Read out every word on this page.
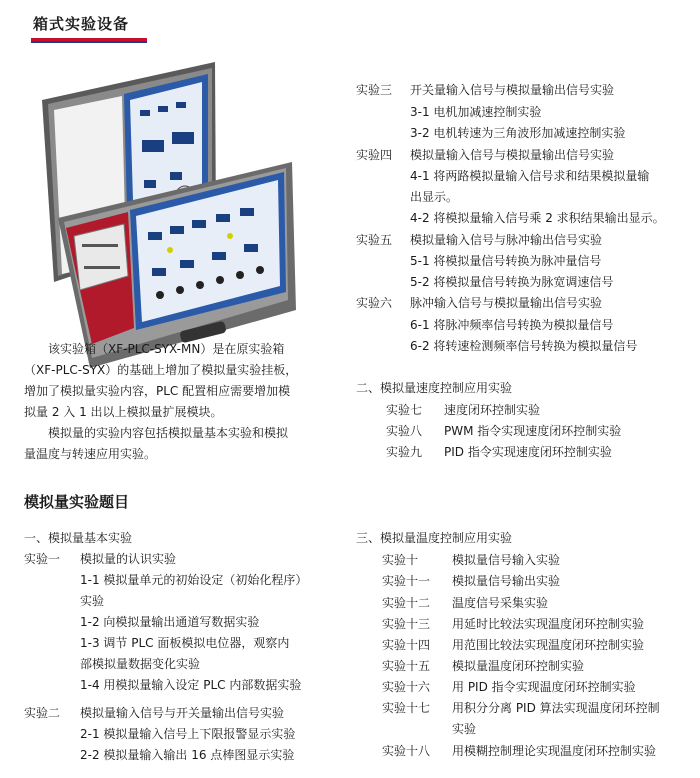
箱式实验设备
该实验箱（XF-PLC-SYX-MN）是在原实验箱
（XF-PLC-SYX）的基础上增加了模拟量实验挂板，
增加了模拟量实验内容，PLC 配置相应需要增加模
拟量 2 入 1 出以上模拟量扩展模块。
模拟量的实验内容包括模拟量基本实验和模拟
量温度与转速应用实验。
实验三 开关量输入信号与模拟量输出信号实验
3-1 电机加减速控制实验
3-2 电机转速为三角波形加减速控制实验
实验四 模拟量输入信号与模拟量输出信号实验
4-1 将两路模拟量输入信号求和结果模拟量输
出显示。
4-2 将模拟量输入信号乘 2 求积结果输出显示。
实验五 模拟量输入信号与脉冲输出信号实验
5-1 将模拟量信号转换为脉冲量信号
5-2 将模拟量信号转换为脉宽调速信号
实验六 脉冲输入信号与模拟量输出信号实验
6-1 将脉冲频率信号转换为模拟量信号
6-2 将转速检测频率信号转换为模拟量信号
二、模拟量速度控制应用实验
实验七 速度闭环控制实验
实验八 PWM 指令实现速度闭环控制实验
实验九 PID 指令实现速度闭环控制实验
模拟量实验题目
一、模拟量基本实验
实验一 模拟量的认识实验
1-1 模拟量单元的初始设定（初始化程序）
实验
1-2 向模拟量输出通道写数据实验
1-3 调节 PLC 面板模拟电位器，观察内
部模拟量数据变化实验
1-4 用模拟量输入设定 PLC 内部数据实验
实验二 模拟量输入信号与开关量输出信号实验
2-1 模拟量输入信号上下限报警显示实验
2-2 模拟量输入输出 16 点棒图显示实验
三、模拟量温度控制应用实验
实验十	模拟量信号输入实验
实验十一 模拟量信号输出实验
实验十二 温度信号采集实验
实验十三 用延时比较法实现温度闭环控制实验
实验十四 用范围比较法实现温度闭环控制实验
实验十五 模拟量温度闭环控制实验
实验十六 用 PID 指令实现温度闭环控制实验
实验十七 用积分分离 PID 算法实现温度闭环控制
实验
实验十八 用模糊控制理论实现温度闭环控制实验
